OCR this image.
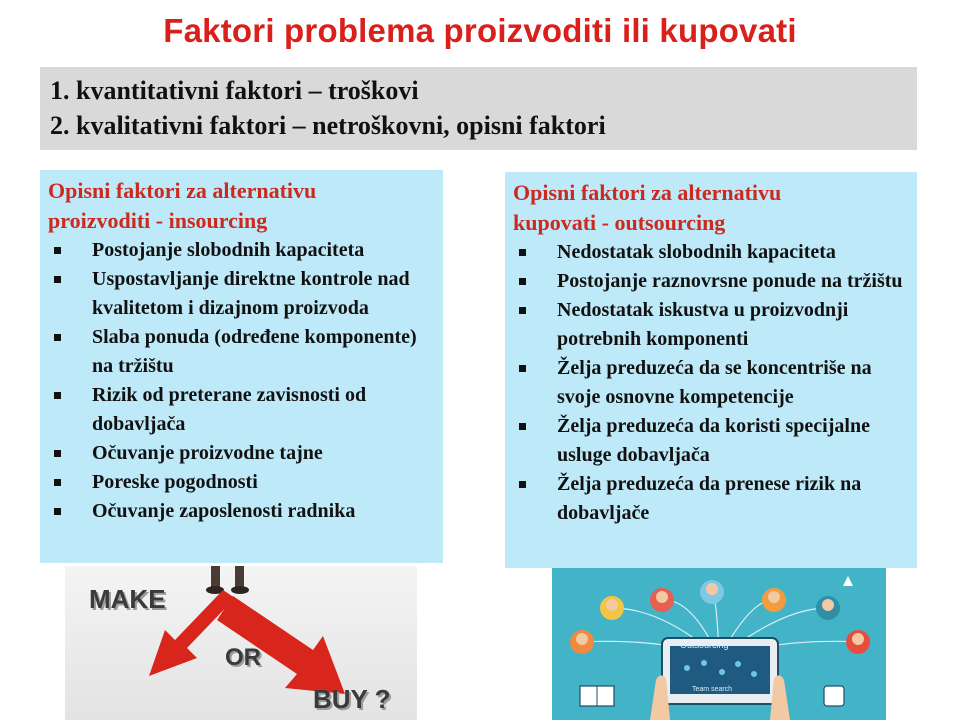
Faktori problema proizvoditi ili kupovati
1. kvantitativni faktori – troškovi
2. kvalitativni faktori – netroškovni, opisni faktori
Opisni faktori za alternativu
proizvoditi - insourcing
Postojanje slobodnih kapaciteta
Uspostavljanje direktne kontrole nad kvalitetom i dizajnom proizvoda
Slaba ponuda (određene komponente) na tržištu
Rizik od preterane zavisnosti od dobavljača
Očuvanje proizvodne tajne
Poreske pogodnosti
Očuvanje zaposlenosti radnika
Opisni faktori za alternativu
kupovati - outsourcing
Nedostatak slobodnih kapaciteta
Postojanje raznovrsne ponude na tržištu
Nedostatak iskustva u proizvodnji potrebnih komponenti
Želja preduzeća da se koncentriše na svoje osnovne kompetencije
Želja preduzeća da koristi specijalne usluge dobavljača
Želja preduzeća da prenese rizik na dobavljače
MAKE
OR
BUY ?
Outsourcing
Team search
